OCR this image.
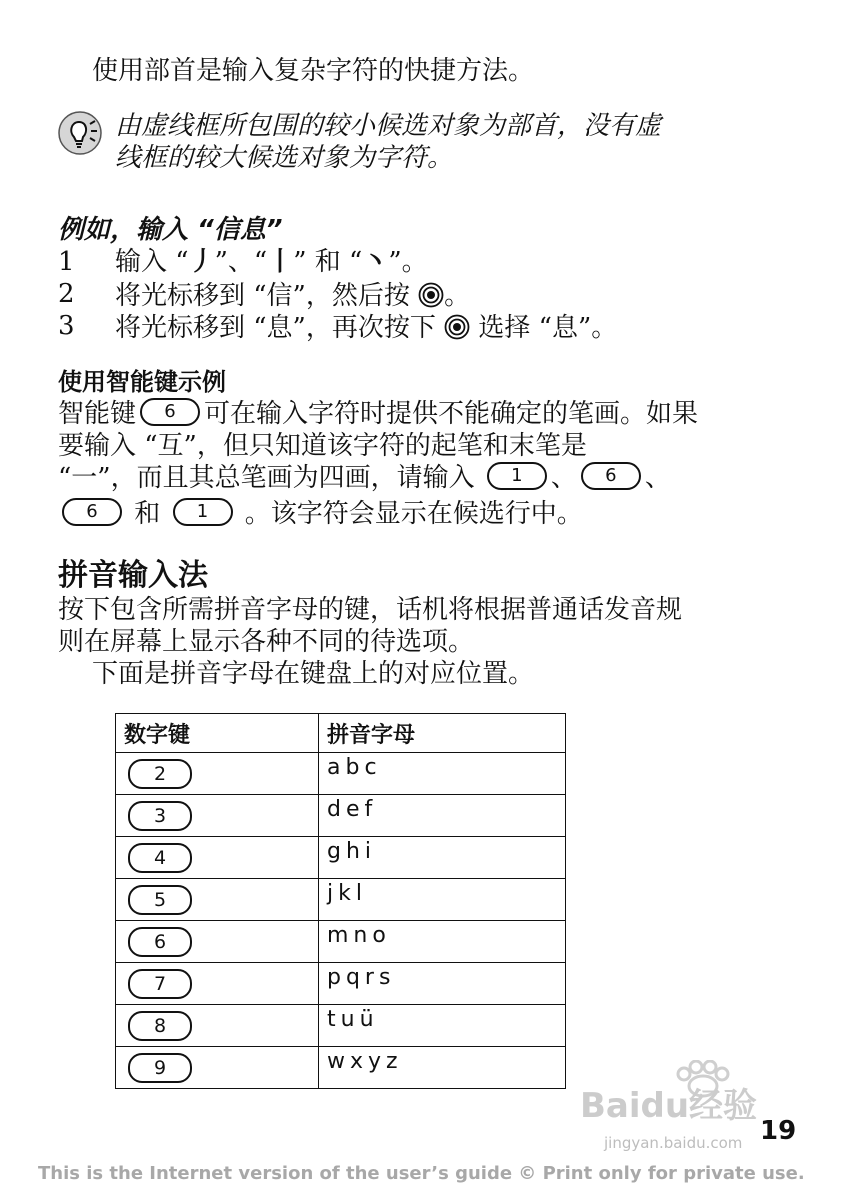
使用部首是输入复杂字符的快捷方法。
由虚线框所包围的较小候选对象为部首，没有虚
线框的较大候选对象为字符。
例如，输入 “信息”
1 输入 “丿”、“丨” 和 “丶”。
2 将光标移到 “信”，然后按 。
3 将光标移到 “息”，再次按下  选择 “息”。
使用智能键示例
智能键 6 可在输入字符时提供不能确定的笔画。如果
要输入 “互”，但只知道该字符的起笔和末笔是
“一”，而且其总笔画为四画，请输入 1 、 6 、
6 和 1 。该字符会显示在候选行中。
拼音输入法
按下包含所需拼音字母的键，话机将根据普通话发音规
则在屏幕上显示各种不同的待选项。
下面是拼音字母在键盘上的对应位置。
数字键	拼音字母
2	abc
3	def
4	ghi
5	jkl
6	mno
7	pqrs
8	tuü
9	wxyz
Baidu经验
jingyan.baidu.com 19
This is the Internet version of the user’s guide © Print only for private use.
